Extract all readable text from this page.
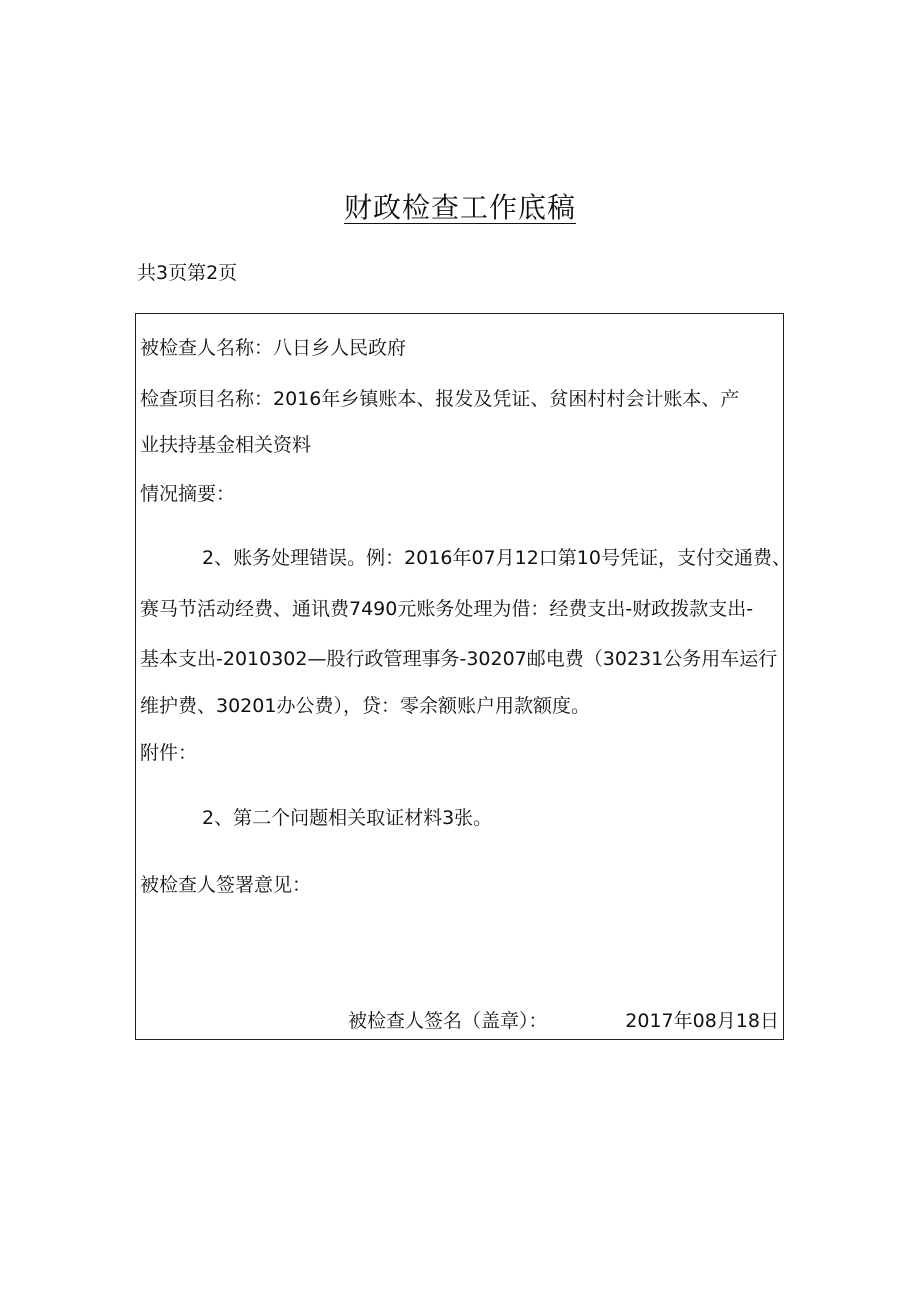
财政检查工作底稿
共3页第2页
被检查人名称：八日乡人民政府
检查项目名称：2016年乡镇账本、报发及凭证、贫困村村会计账本、产
业扶持基金相关资料
情况摘要：
2、账务处理错误。例：2016年07月12口第10号凭证，支付交通费、
赛马节活动经费、通讯费7490元账务处理为借：经费支出-财政拨款支出-
基本支出-2010302—股行政管理事务-30207邮电费（30231公务用车运行
维护费、30201办公费），贷：零余额账户用款额度。
附件：
2、第二个问题相关取证材料3张。
被检查人签署意见：
被检查人签名（盖章）：	2017年08月18日
